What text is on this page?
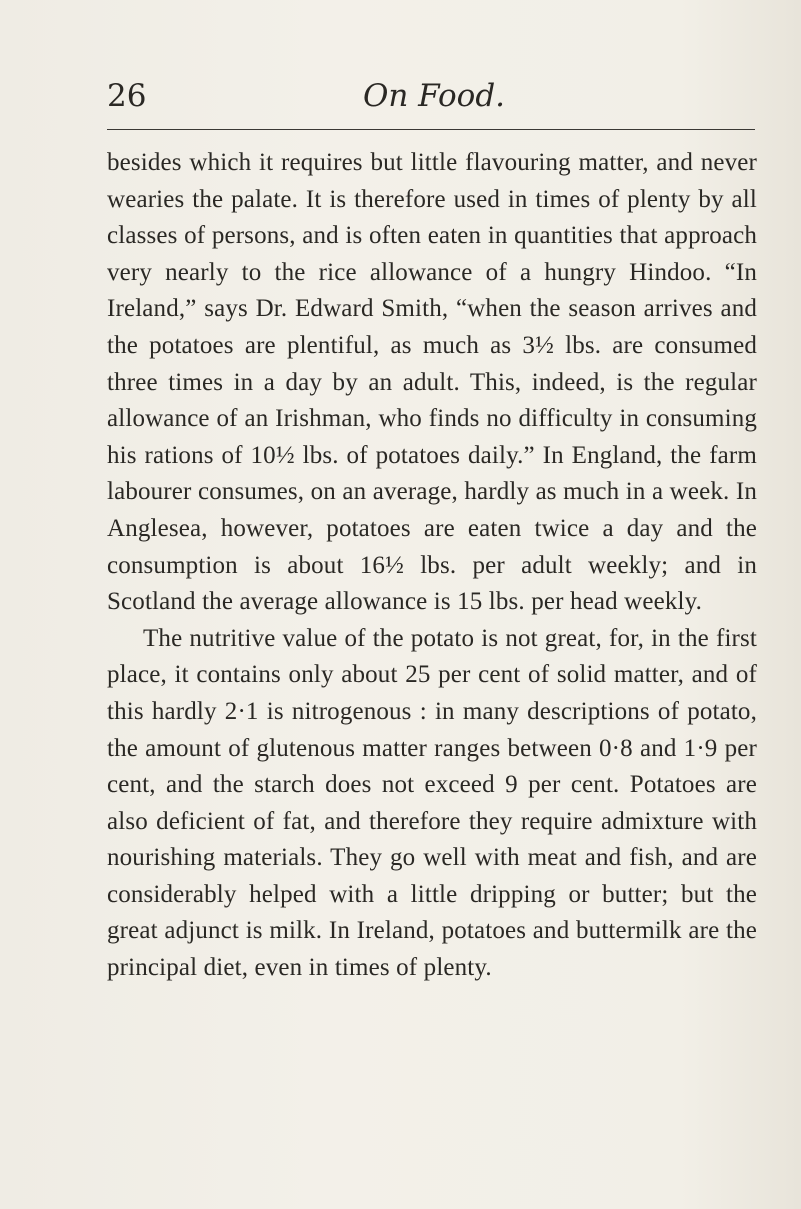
26	On Food.

besides which it requires but little flavouring matter, and never wearies the palate. It is therefore used in times of plenty by all classes of persons, and is often eaten in quantities that approach very nearly to the rice allowance of a hungry Hindoo. “In Ireland,” says Dr. Edward Smith, “when the season arrives and the potatoes are plentiful, as much as 3½ lbs. are consumed three times in a day by an adult. This, indeed, is the regular allowance of an Irishman, who finds no difficulty in consuming his rations of 10½ lbs. of potatoes daily.” In England, the farm labourer consumes, on an average, hardly as much in a week. In Anglesea, however, potatoes are eaten twice a day and the consumption is about 16½ lbs. per adult weekly; and in Scotland the average allowance is 15 lbs. per head weekly.

The nutritive value of the potato is not great, for, in the first place, it contains only about 25 per cent of solid matter, and of this hardly 2·1 is nitrogenous : in many descriptions of potato, the amount of glutenous matter ranges between 0·8 and 1·9 per cent, and the starch does not exceed 9 per cent. Potatoes are also deficient of fat, and therefore they require admixture with nourishing materials. They go well with meat and fish, and are considerably helped with a little dripping or butter; but the great adjunct is milk. In Ireland, potatoes and buttermilk are the principal diet, even in times of plenty.
